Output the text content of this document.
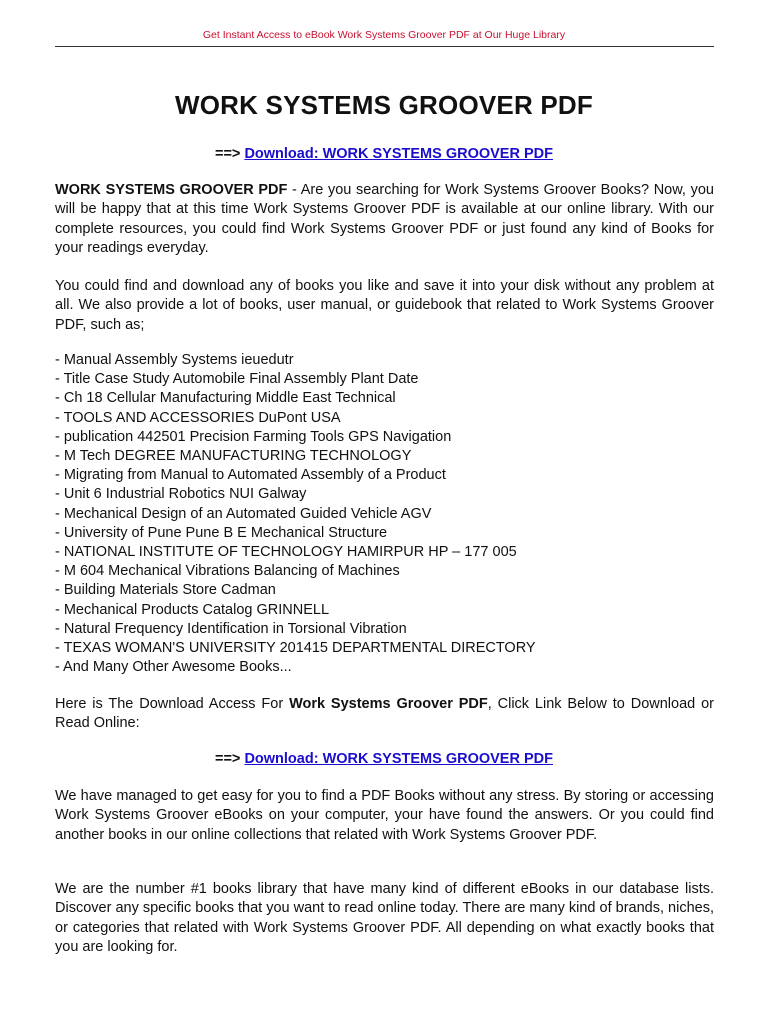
Get Instant Access to eBook Work Systems Groover PDF at Our Huge Library
WORK SYSTEMS GROOVER PDF
==> Download: WORK SYSTEMS GROOVER PDF

WORK SYSTEMS GROOVER PDF - Are you searching for Work Systems Groover Books? Now, you will be happy that at this time Work Systems Groover PDF is available at our online library. With our complete resources, you could find Work Systems Groover PDF or just found any kind of Books for your readings everyday.

You could find and download any of books you like and save it into your disk without any problem at all. We also provide a lot of books, user manual, or guidebook that related to Work Systems Groover PDF, such as;

- Manual Assembly Systems ieuedutr
- Title Case Study Automobile Final Assembly Plant Date
- Ch 18 Cellular Manufacturing Middle East Technical
- TOOLS AND ACCESSORIES DuPont USA
- publication 442501 Precision Farming Tools GPS Navigation
- M Tech DEGREE MANUFACTURING TECHNOLOGY
- Migrating from Manual to Automated Assembly of a Product
- Unit 6 Industrial Robotics NUI Galway
- Mechanical Design of an Automated Guided Vehicle AGV
- University of Pune Pune B E Mechanical Structure
- NATIONAL INSTITUTE OF TECHNOLOGY HAMIRPUR HP – 177 005
- M 604 Mechanical Vibrations Balancing of Machines
- Building Materials Store Cadman
- Mechanical Products Catalog GRINNELL
- Natural Frequency Identification in Torsional Vibration
- TEXAS WOMAN'S UNIVERSITY 201415 DEPARTMENTAL DIRECTORY
- And Many Other Awesome Books...

Here is The Download Access For Work Systems Groover PDF, Click Link Below to Download or Read Online:

==> Download: WORK SYSTEMS GROOVER PDF

We have managed to get easy for you to find a PDF Books without any stress. By storing or accessing Work Systems Groover eBooks on your computer, your have found the answers. Or you could find another books in our online collections that related with Work Systems Groover PDF.

We are the number #1 books library that have many kind of different eBooks in our database lists. Discover any specific books that you want to read online today. There are many kind of brands, niches, or categories that related with Work Systems Groover PDF. All depending on what exactly books that you are looking for.
